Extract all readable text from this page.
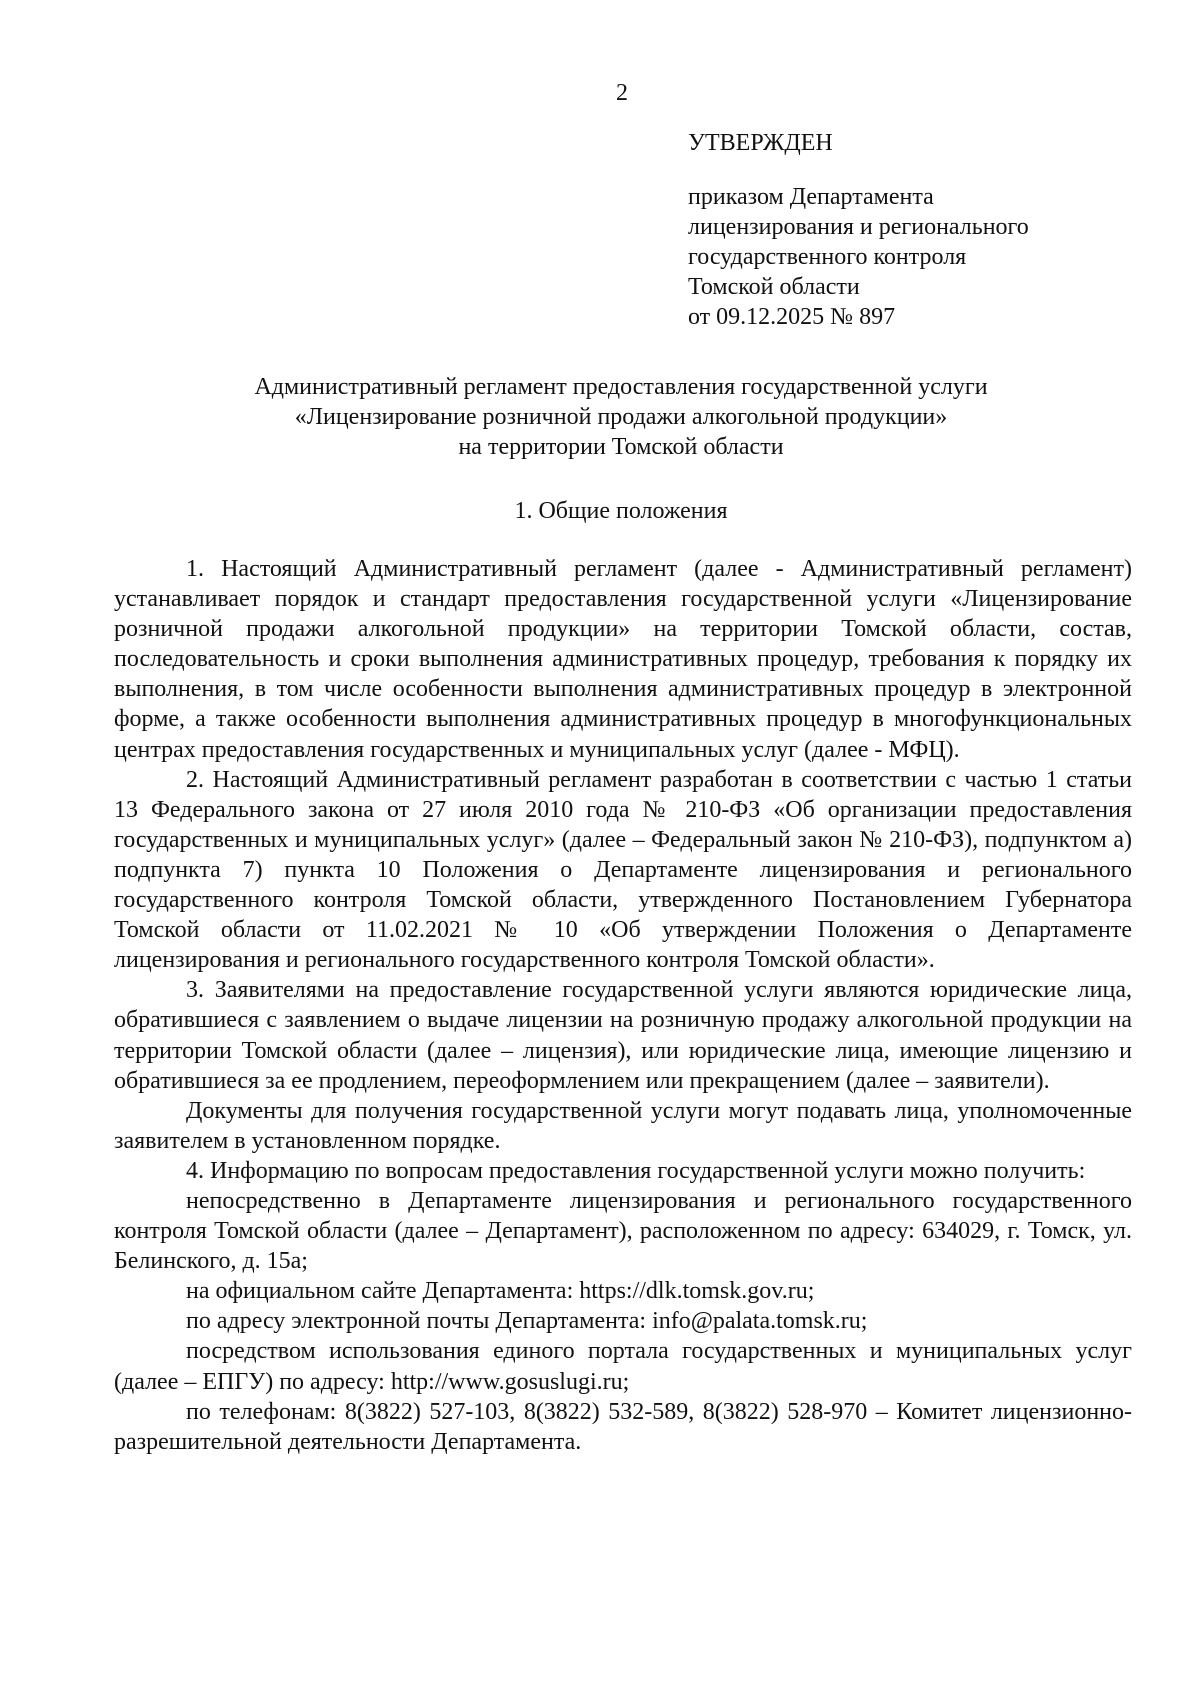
2
УТВЕРЖДЕН
приказом Департамента
лицензирования и регионального
государственного контроля
Томской области
от 09.12.2025 № 897
Административный регламент предоставления государственной услуги
«Лицензирование розничной продажи алкогольной продукции»
на территории Томской области
1. Общие положения

1. Настоящий Административный регламент (далее - Административный регламент) устанавливает порядок и стандарт предоставления государственной услуги «Лицензирование розничной продажи алкогольной продукции» на территории Томской области, состав, последовательность и сроки выполнения административных процедур, требования к порядку их выполнения, в том числе особенности выполнения административных процедур в электронной форме, а также особенности выполнения административных процедур в многофункциональных центрах предоставления государственных и муниципальных услуг (далее - МФЦ).

2. Настоящий Административный регламент разработан в соответствии с частью 1 статьи 13 Федерального закона от 27 июля 2010 года № 210-ФЗ «Об организации предоставления государственных и муниципальных услуг» (далее – Федеральный закон № 210-ФЗ), подпунктом а) подпункта 7) пункта 10 Положения о Департаменте лицензирования и регионального государственного контроля Томской области, утвержденного Постановлением Губернатора Томской области от 11.02.2021 № 10 «Об утверждении Положения о Департаменте лицензирования и регионального государственного контроля Томской области».

3. Заявителями на предоставление государственной услуги являются юридические лица, обратившиеся с заявлением о выдаче лицензии на розничную продажу алкогольной продукции на территории Томской области (далее – лицензия), или юридические лица, имеющие лицензию и обратившиеся за ее продлением, переоформлением или прекращением (далее – заявители).

Документы для получения государственной услуги могут подавать лица, уполномоченные заявителем в установленном порядке.

4. Информацию по вопросам предоставления государственной услуги можно получить:

непосредственно в Департаменте лицензирования и регионального государственного контроля Томской области (далее – Департамент), расположенном по адресу: 634029, г. Томск, ул. Белинского, д. 15а;

на официальном сайте Департамента: https://dlk.tomsk.gov.ru;

по адресу электронной почты Департамента: info@palata.tomsk.ru;

посредством использования единого портала государственных и муниципальных услуг (далее – ЕПГУ) по адресу: http://www.gosuslugi.ru;

по телефонам: 8(3822) 527-103, 8(3822) 532-589, 8(3822) 528-970 – Комитет лицензионно-разрешительной деятельности Департамента.
